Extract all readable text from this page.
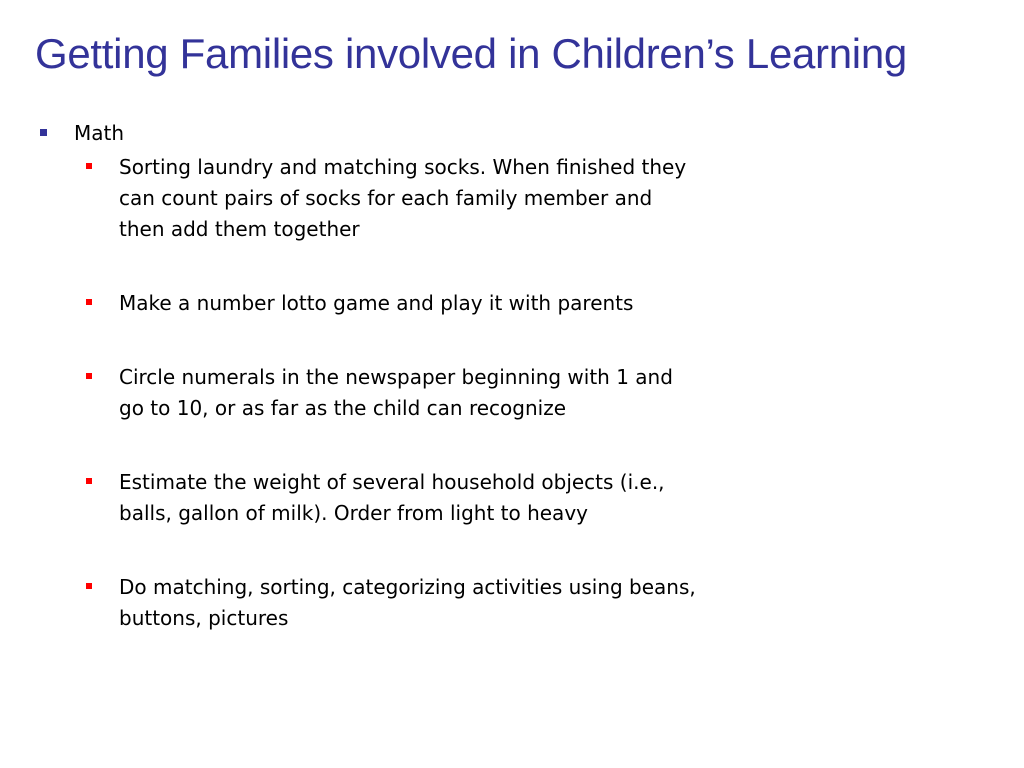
Getting Families involved in Children’s Learning
Math
Sorting laundry and matching socks. When finished they can count pairs of socks for each family member and then add them together
Make a number lotto game and play it with parents
Circle numerals in the newspaper beginning with 1 and go to 10, or as far as the child can recognize
Estimate the weight of several household objects (i.e., balls, gallon of milk). Order from light to heavy
Do matching, sorting, categorizing activities using beans, buttons, pictures
